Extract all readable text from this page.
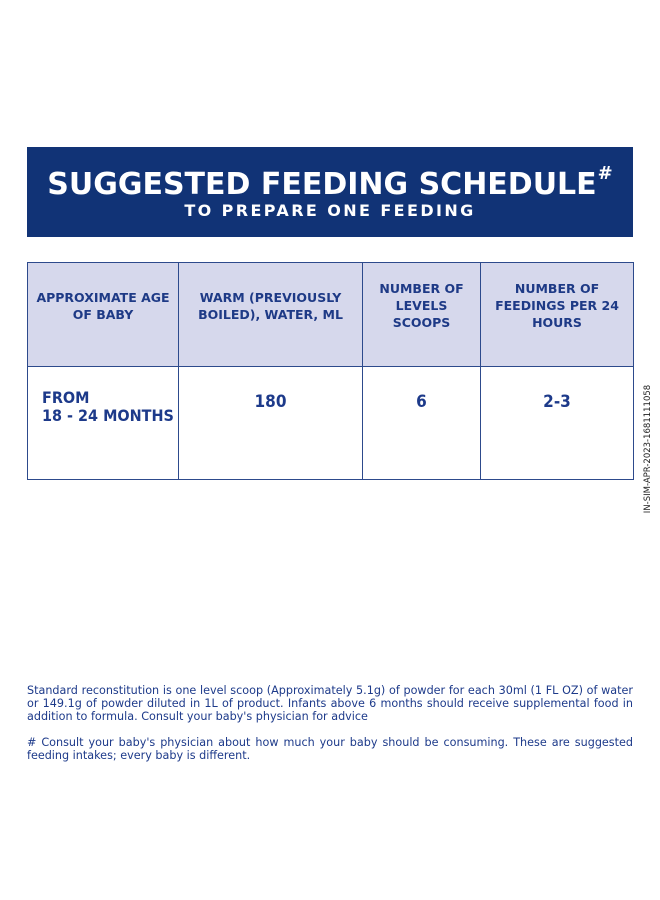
SUGGESTED FEEDING SCHEDULE#
TO PREPARE ONE FEEDING
APPROXIMATE AGE OF BABY	WARM (PREVIOUSLY BOILED), WATER, ML	NUMBER OF LEVELS SCOOPS	NUMBER OF FEEDINGS PER 24 HOURS

FROM
18 - 24 MONTHS	180	6	2-3	IN-SIM-APR-2023-1681111058

Standard reconstitution is one level scoop (Approximately 5.1g) of powder for each 30ml (1 FL OZ) of water or 149.1g of powder diluted in 1L of product. Infants above 6 months should receive supplemental food in addition to formula. Consult your baby's physician for advice

# Consult your baby's physician about how much your baby should be consuming. These are suggested feeding intakes; every baby is different.
